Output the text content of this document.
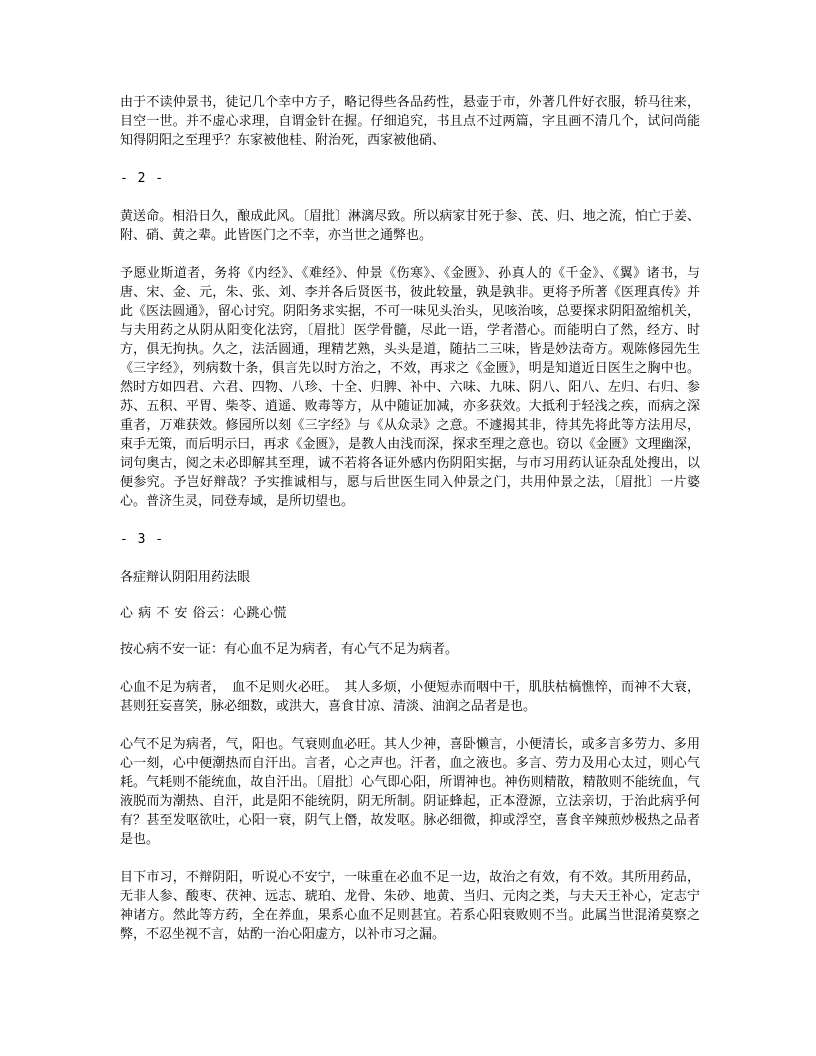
由于不读仲景书，徒记几个幸中方子，略记得些各品药性，悬壶于市，外著几件好衣服，轿马往来，目空一世。并不虚心求理，自谓金针在握。仔细追究，书且点不过两篇，字且画不清几个，试问尚能知得阴阳之至理乎？东家被他桂、附治死，西家被他硝、

- 2 -

黄送命。相沿日久，酿成此风。〔眉批〕淋漓尽致。所以病家甘死于参、芪、归、地之流，怕亡于姜、附、硝、黄之辈。此皆医门之不幸，亦当世之通弊也。

予愿业斯道者，务将《内经》、《难经》、仲景《伤寒》、《金匮》、孙真人的《千金》、《翼》诸书，与唐、宋、金、元，朱、张、刘、李并各后贤医书，彼此较量，孰是孰非。更将予所著《医理真传》并此《医法圆通》，留心讨究。阴阳务求实据，不可一味见头治头，见咳治咳，总要探求阴阳盈缩机关，与夫用药之从阴从阳变化法窍，〔眉批〕医学骨髓，尽此一语，学者潜心。而能明白了然，经方、时方，俱无拘执。久之，法活圆通，理精艺熟，头头是道，随拈二三味，皆是妙法奇方。观陈修园先生《三字经》，列病数十条，俱言先以时方治之，不效，再求之《金匮》，明是知道近日医生之胸中也。然时方如四君、六君、四物、八珍、十全、归脾、补中、六味、九味、阴八、阳八、左归、右归、参苏、五积、平胃、柴苓、逍遥、败毒等方，从中随证加减，亦多获效。大抵利于轻浅之疾，而病之深重者，万难获效。修园所以刻《三字经》与《从众录》之意。不遽揭其非，待其先将此等方法用尽，束手无策，而后明示曰，再求《金匮》，是教人由浅而深，探求至理之意也。窃以《金匮》文理幽深，词句奥古，阅之未必即解其至理，诚不若将各证外感内伤阴阳实据，与市习用药认证杂乱处搜出，以便参究。予岂好辩哉？予实推诚相与，愿与后世医生同入仲景之门，共用仲景之法，〔眉批〕一片婆心。普济生灵，同登寿域，是所切望也。

- 3 -

各症辩认阴阳用药法眼

心 病 不 安 俗云：心跳心慌

按心病不安一证：有心血不足为病者，有心气不足为病者。

心血不足为病者，　血不足则火必旺。　其人多烦，小便短赤而咽中干，肌肤枯槁憔悴，而神不大衰，甚则狂妄喜笑，脉必细数，或洪大，喜食甘凉、清淡、油润之品者是也。

心气不足为病者，气，阳也。气衰则血必旺。其人少神，喜卧懒言，小便清长，或多言多劳力、多用心一刻，心中便潮热而自汗出。言者，心之声也。汗者，血之液也。多言、劳力及用心太过，则心气耗。气耗则不能统血，故自汗出。〔眉批〕心气即心阳，所谓神也。神伤则精散，精散则不能统血，气液脱而为潮热、自汗，此是阳不能统阴，阴无所制。阴证蜂起，正本澄源，立法亲切，于治此病乎何有？甚至发呕欲吐，心阳一衰，阴气上僭，故发呕。脉必细微，抑或浮空，喜食辛辣煎炒极热之品者是也。

目下市习，不辩阴阳，听说心不安宁，一味重在必血不足一边，故治之有效，有不效。其所用药品，无非人参、酸枣、茯神、远志、琥珀、龙骨、朱砂、地黄、当归、元肉之类，与夫天王补心，定志宁神诸方。然此等方药，全在养血，果系心血不足则甚宜。若系心阳衰败则不当。此属当世混淆莫察之弊，不忍坐视不言，姑酌一治心阳虚方，以补市习之漏。
